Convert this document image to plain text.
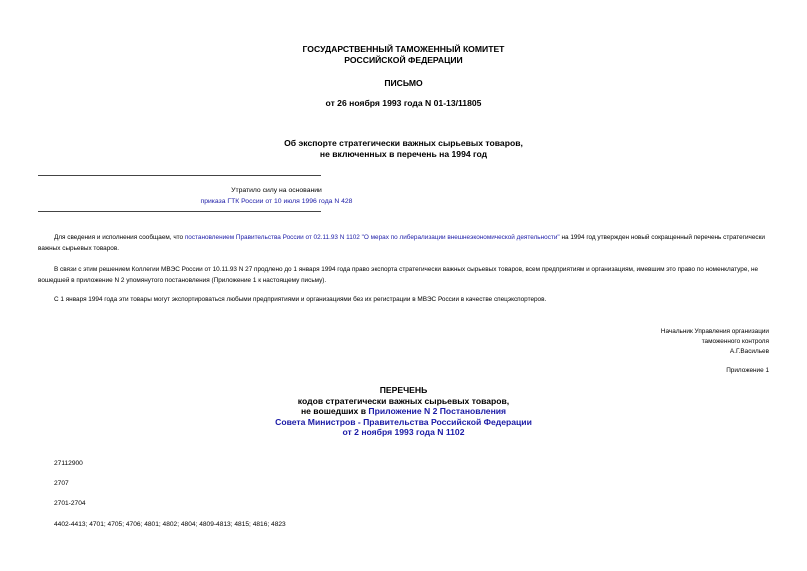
ГОСУДАРСТВЕННЫЙ ТАМОЖЕННЫЙ КОМИТЕТ
РОССИЙСКОЙ ФЕДЕРАЦИИ
ПИСЬМО
от 26 ноября 1993 года N 01-13/11805
Об экспорте стратегически важных сырьевых товаров,
не включенных в перечень на 1994 год
Утратило силу на основании
приказа ГТК России от 10 июля 1996 года N 428
Для сведения и исполнения сообщаем, что постановлением Правительства России от 02.11.93 N 1102 "О мерах по либерализации внешнеэкономической деятельности" на 1994 год утвержден новый сокращенный перечень стратегически важных сырьевых товаров.
В связи с этим решением Коллегии МВЭС России от 10.11.93 N 27 продлено до 1 января 1994 года право экспорта стратегически важных сырьевых товаров, всем предприятиям и организациям, имевшим это право по номенклатуре, не вошедшей в приложение N 2 упомянутого постановления (Приложение 1 к настоящему письму).
С 1 января 1994 года эти товары могут экспортироваться любыми предприятиями и организациями без их регистрации в МВЭС России в качестве спецэкспортеров.
Начальник Управления организации
таможенного контроля
А.Г.Васильев
Приложение 1
ПЕРЕЧЕНЬ
кодов стратегически важных сырьевых товаров,
не вошедших в Приложение N 2 Постановления
Совета Министров - Правительства Российской Федерации
от 2 ноября 1993 года N 1102
27112900
2707
2701-2704
4402-4413; 4701; 4705; 4706; 4801; 4802; 4804; 4809-4813; 4815; 4816; 4823
